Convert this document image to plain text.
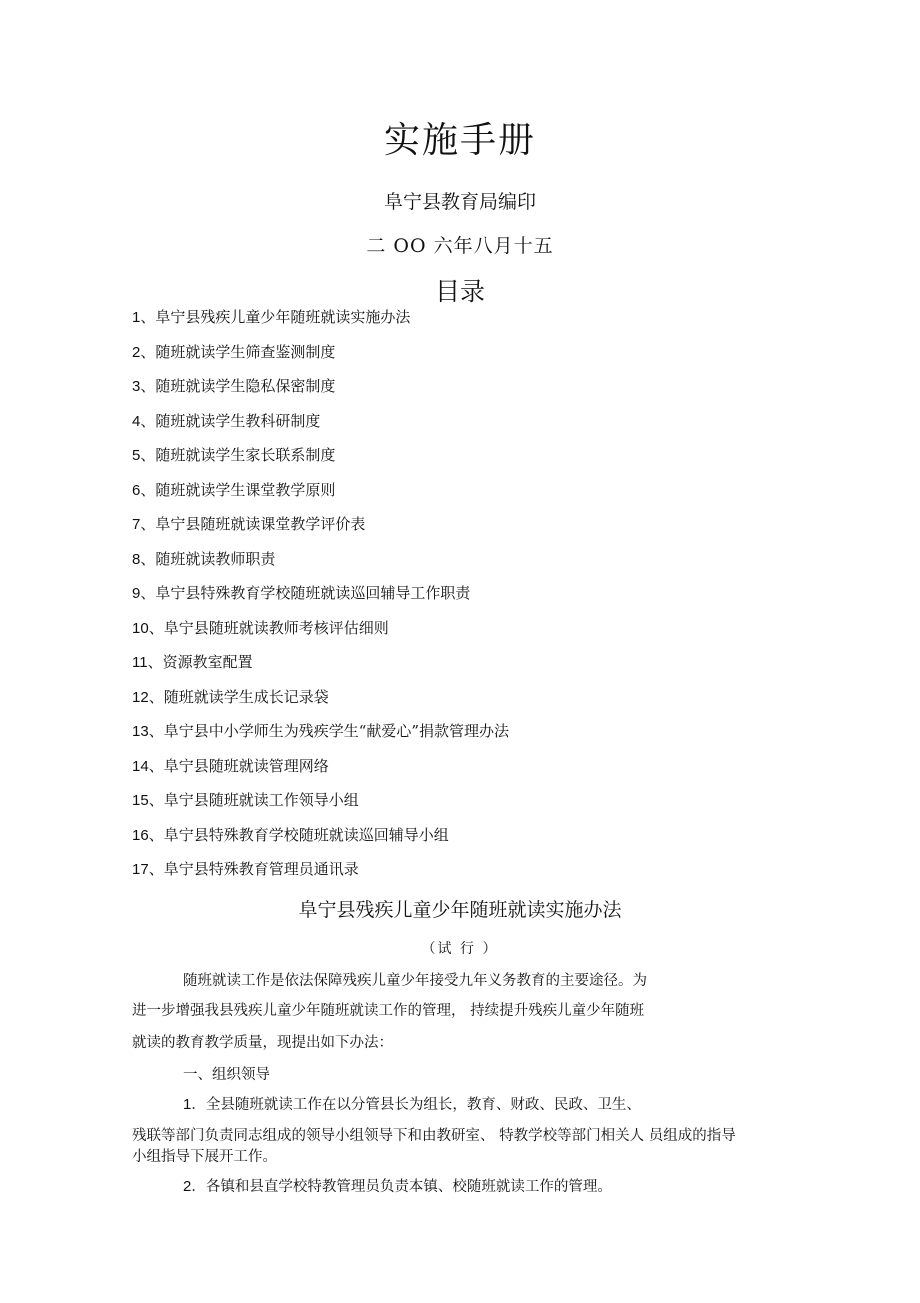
实施手册
阜宁县教育局编印
二 OO 六年八月十五
目录
1、阜宁县残疾儿童少年随班就读实施办法
2、随班就读学生筛查鉴测制度
3、随班就读学生隐私保密制度
4、随班就读学生教科研制度
5、随班就读学生家长联系制度
6、随班就读学生课堂教学原则
7、阜宁县随班就读课堂教学评价表
8、随班就读教师职责
9、阜宁县特殊教育学校随班就读巡回辅导工作职责
10、阜宁县随班就读教师考核评估细则
11、资源教室配置
12、随班就读学生成长记录袋
13、阜宁县中小学师生为残疾学生“献爱心”捐款管理办法
14、阜宁县随班就读管理网络
15、阜宁县随班就读工作领导小组
16、阜宁县特殊教育学校随班就读巡回辅导小组
17、阜宁县特殊教育管理员通讯录
阜宁县残疾儿童少年随班就读实施办法
（试 行 ）
随班就读工作是依法保障残疾儿童少年接受九年义务教育的主要途径。为
进一步增强我县残疾儿童少年随班就读工作的管理， 持续提升残疾儿童少年随班
就读的教育教学质量，现提出如下办法：
一、组织领导
1．全县随班就读工作在以分管县长为组长，教育、财政、民政、卫生、
残联等部门负责同志组成的领导小组领导下和由教研室、 特教学校等部门相关人 员组成的指导
小组指导下展开工作。
2．各镇和县直学校特教管理员负责本镇、校随班就读工作的管理。
